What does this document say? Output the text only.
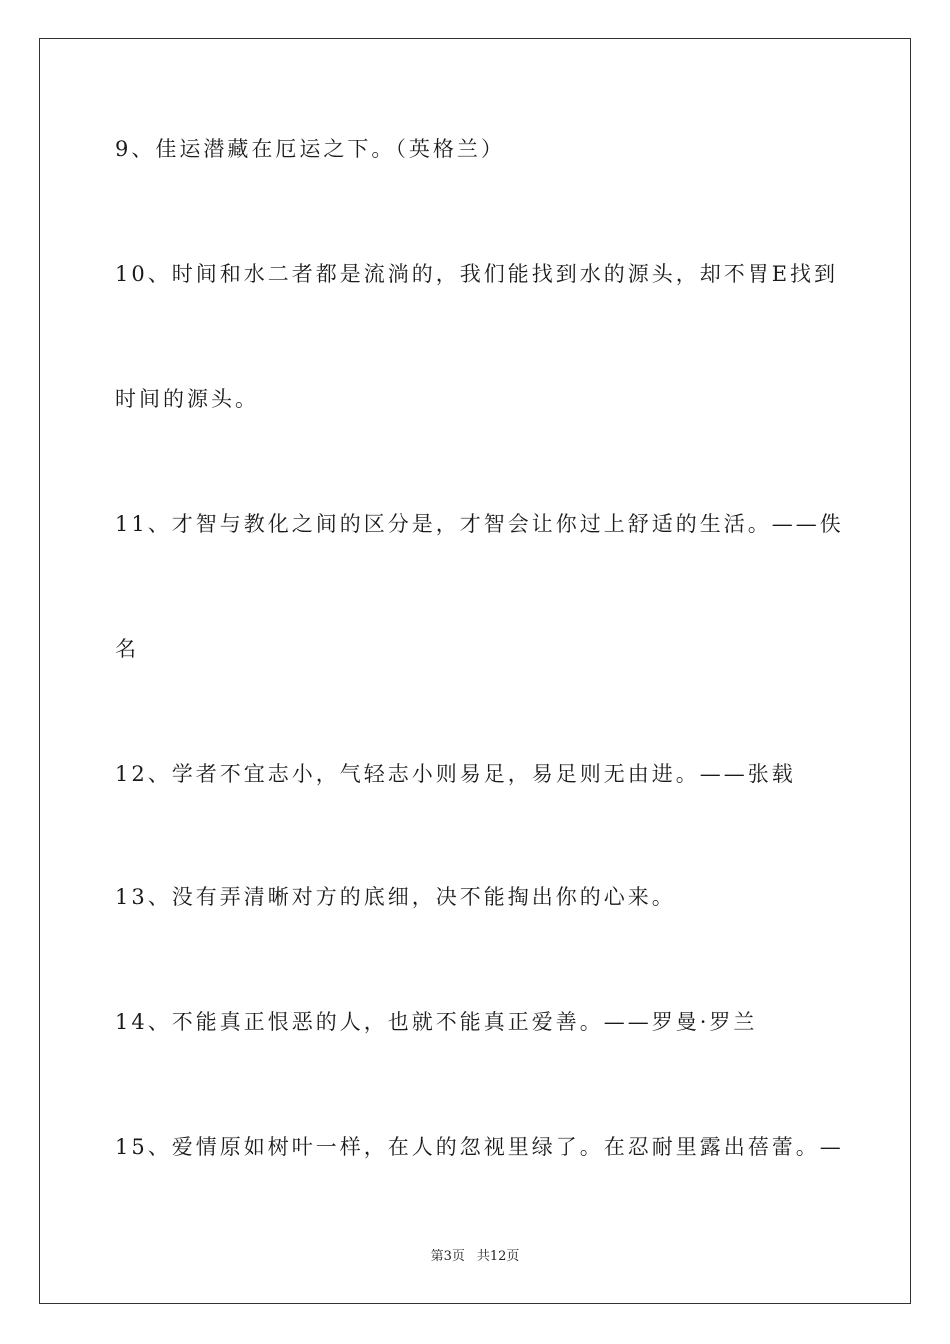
9、佳运潜藏在厄运之下。（英格兰）
10、时间和水二者都是流淌的，我们能找到水的源头，却不胃E找到
时间的源头。
11、才智与教化之间的区分是，才智会让你过上舒适的生活。——佚
名
12、学者不宜志小，气轻志小则易足，易足则无由进。——张载
13、没有弄清晰对方的底细，决不能掏出你的心来。
14、不能真正恨恶的人，也就不能真正爱善。——罗曼·罗兰
15、爱情原如树叶一样，在人的忽视里绿了。在忍耐里露出蓓蕾。—
第3页 共12页
